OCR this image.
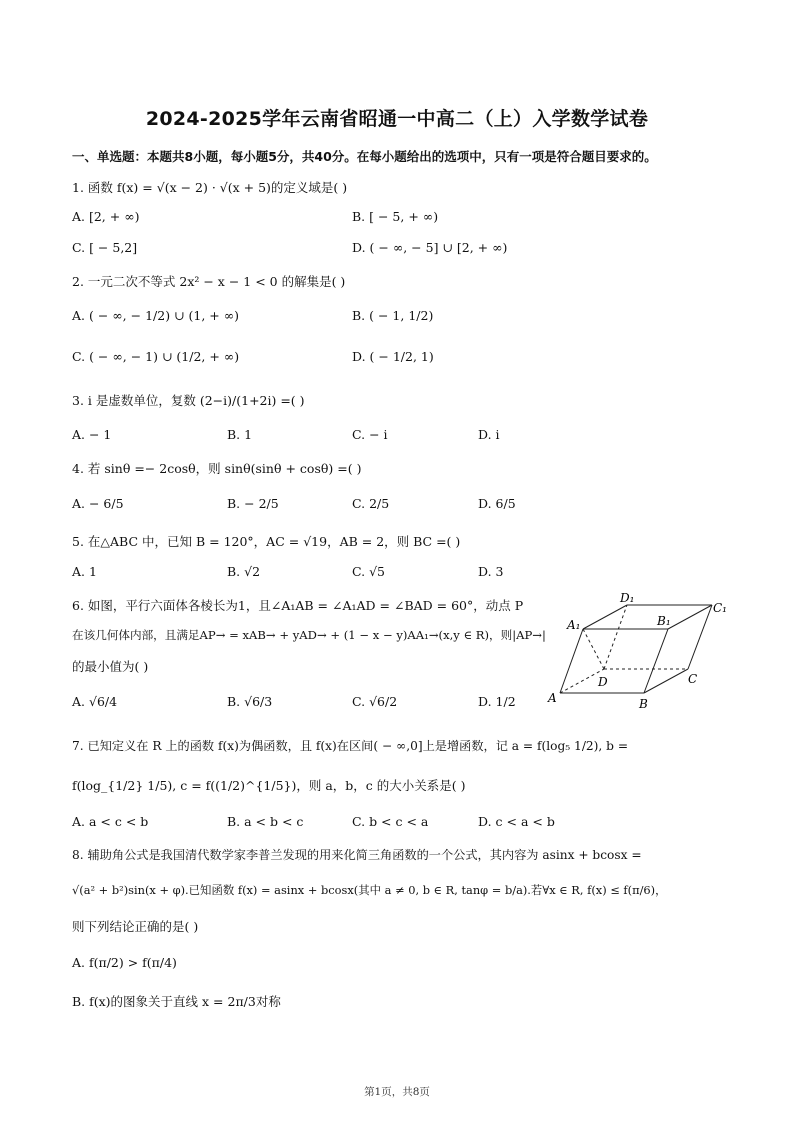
2024-2025学年云南省昭通一中高二（上）入学数学试卷
一、单选题：本题共8小题，每小题5分，共40分。在每小题给出的选项中，只有一项是符合题目要求的。
1. 函数 f(x) = √(x − 2) · √(x + 5)的定义域是( )
A. [2, + ∞)	B. [ − 5, + ∞)
C. [ − 5,2]	D. ( − ∞, − 5] ∪ [2, + ∞)
2. 一元二次不等式 2x² − x − 1 < 0 的解集是( )
A. ( − ∞, − 1/2) ∪ (1, + ∞)	B. ( − 1, 1/2)
C. ( − ∞, − 1) ∪ (1/2, + ∞)	D. ( − 1/2, 1)
3. i 是虚数单位，复数 (2−i)/(1+2i) =( )
A. − 1	B. 1	C. − i	D. i
4. 若 sinθ =− 2cosθ，则 sinθ(sinθ + cosθ) =( )
A. − 6/5	B. − 2/5	C. 2/5	D. 6/5
5. 在△ABC 中，已知 B = 120°，AC = √19，AB = 2，则 BC =( )
A. 1	B. √2	C. √5	D. 3
6. 如图，平行六面体各棱长为1，且∠A₁AB = ∠A₁AD = ∠BAD = 60°，动点 P
在该几何体内部，且满足AP→ = xAB→ + yAD→ + (1 − x − y)AA₁→(x,y ∈ R)，则|AP→|
的最小值为( )
A. √6/4	B. √6/3	C. √6/2	D. 1/2
D₁
C₁
A₁	B₁
D	C
A	B
7. 已知定义在 R 上的函数 f(x)为偶函数，且 f(x)在区间( − ∞,0]上是增函数，记 a = f(log₅ 1/2), b =
f(log_{1/2} 1/5), c = f((1/2)^{1/5})，则 a，b，c 的大小关系是( )
A. a < c < b	B. a < b < c	C. b < c < a	D. c < a < b
8. 辅助角公式是我国清代数学家李普兰发现的用来化简三角函数的一个公式，其内容为 asinx + bcosx =
√(a² + b²)sin(x + φ).已知函数 f(x) = asinx + bcosx(其中 a ≠ 0, b ∈ R, tanφ = b/a).若∀x ∈ R, f(x) ≤ f(π/6)，
则下列结论正确的是( )
A. f(π/2) > f(π/4)
B. f(x)的图象关于直线 x = 2π/3对称
第1页，共8页
